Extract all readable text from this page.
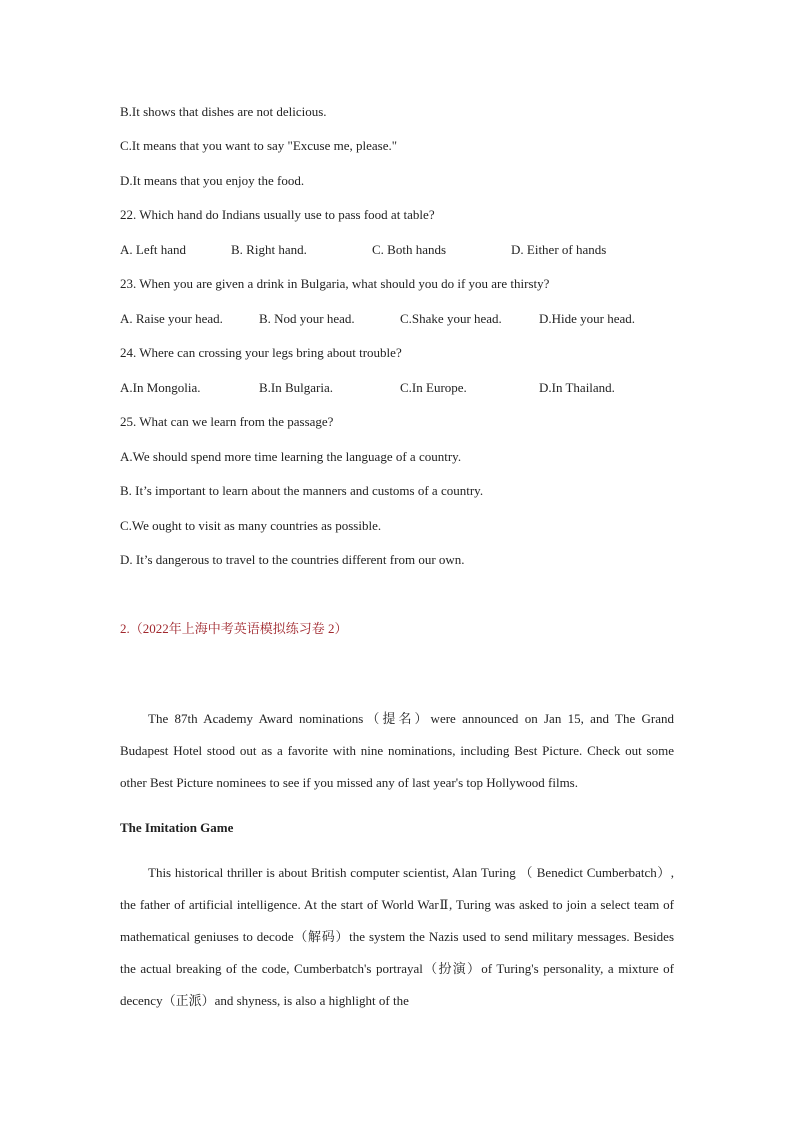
B.It shows that dishes are not delicious.
C.It means that you want to say "Excuse me, please."
D.It means that you enjoy the food.
22. Which hand do Indians usually use to pass food at table?
A. Left hand	B. Right hand.	C. Both hands	D. Either of hands
23. When you are given a drink in Bulgaria, what should you do if you are thirsty?
A. Raise your head.	B. Nod your head.	C.Shake your head.	D.Hide your head.
24. Where can crossing your legs bring about trouble?
A.In Mongolia.	B.In Bulgaria.	C.In Europe.	D.In Thailand.
25. What can we learn from the passage?
A.We should spend more time learning the language of a country.
B. It’s important to learn about the manners and customs of a country.
C.We ought to visit as many countries as possible.
D. It’s dangerous to travel to the countries different from our own.
2.（2022年上海中考英语模拟练习卷 2）

The 87th Academy Award nominations（提名）were announced on Jan 15, and The Grand Budapest Hotel stood out as a favorite with nine nominations, including Best Picture. Check out some other Best Picture nominees to see if you missed any of last year's top Hollywood films.

The Imitation Game

This historical thriller is about British computer scientist, Alan Turing （ Benedict Cumberbatch）, the father of artificial intelligence. At the start of World WarⅡ, Turing was asked to join a select team of mathematical geniuses to decode（解码）the system the Nazis used to send military messages. Besides the actual breaking of the code, Cumberbatch's portrayal（扮演）of Turing's personality, a mixture of decency（正派）and shyness, is also a highlight of the
